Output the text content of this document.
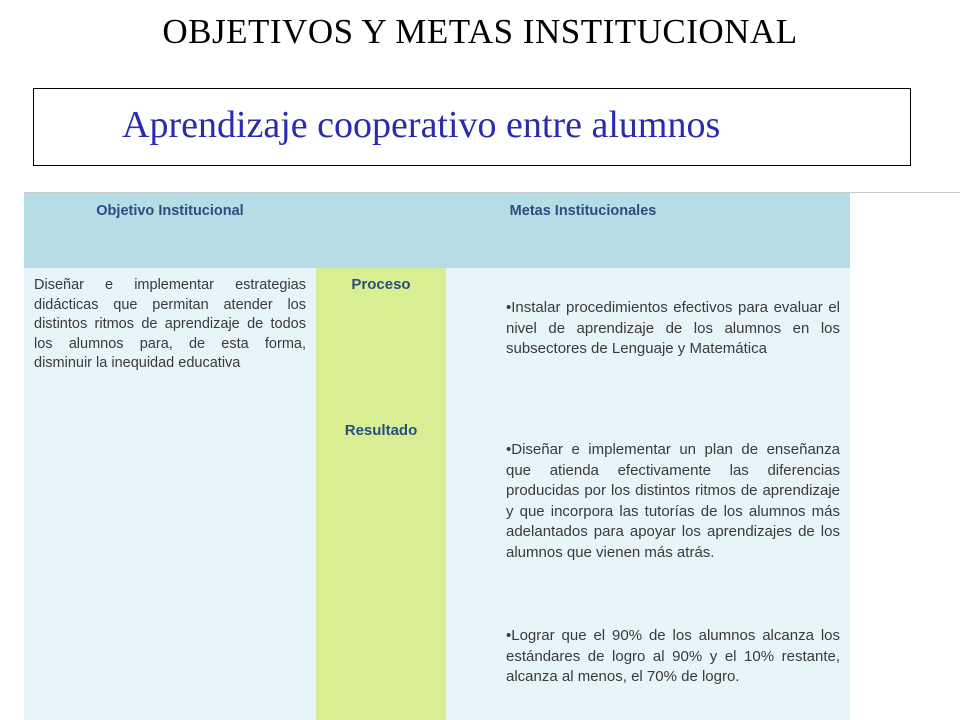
OBJETIVOS Y METAS INSTITUCIONAL
Aprendizaje cooperativo entre alumnos
Objetivo Institucional	Metas Institucionales

Diseñar e implementar estrategias didácticas que permitan atender los distintos ritmos de aprendizaje de todos los alumnos para, de esta forma, disminuir la inequidad educativa

Proceso
Resultado

•Instalar procedimientos efectivos para evaluar el nivel de aprendizaje de los alumnos en los subsectores de Lenguaje y Matemática

•Diseñar e implementar un plan de enseñanza que atienda efectivamente las diferencias producidas por los distintos ritmos de aprendizaje y que incorpora las tutorías de los alumnos más adelantados para apoyar los aprendizajes de los alumnos que vienen más atrás.

•Lograr que el 90% de los alumnos alcanza los estándares de logro al 90% y el 10% restante, alcanza al menos, el 70% de logro.
